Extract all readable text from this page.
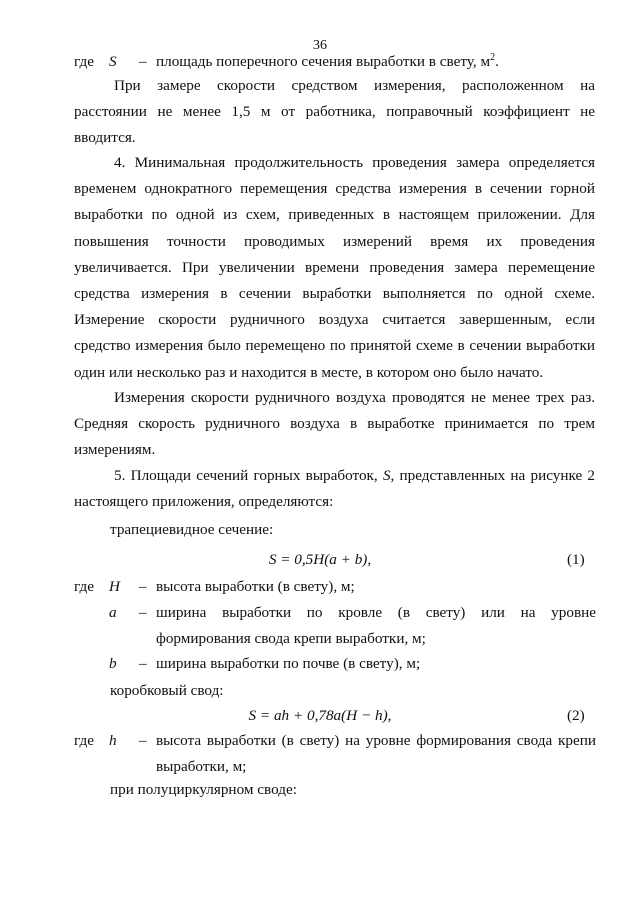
36
где S – площадь поперечного сечения выработки в свету, $м^2$.

При замере скорости средством измерения, расположенном на расстоянии не менее 1,5 м от работника, поправочный коэффициент не вводится.

4. Минимальная продолжительность проведения замера определяется временем однократного перемещения средства измерения в сечении горной выработки по одной из схем, приведенных в настоящем приложении. Для повышения точности проводимых измерений время их проведения увеличивается. При увеличении времени проведения замера перемещение средства измерения в сечении выработки выполняется по одной схеме. Измерение скорости рудничного воздуха считается завершенным, если средство измерения было перемещено по принятой схеме в сечении выработки один или несколько раз и находится в месте, в котором оно было начато.

Измерения скорости рудничного воздуха проводятся не менее трех раз. Средняя скорость рудничного воздуха в выработке принимается по трем измерениям.

5. Площади сечений горных выработок, S, представленных на рисунке 2 настоящего приложения, определяются:

трапециевидное сечение:

S = 0,5H(a + b),	(1)
где H – высота выработки (в свету), м;
a – ширина выработки по кровле (в свету) или на уровне
формирования свода крепи выработки, м;
b – ширина выработки по почве (в свету), м;

коробковый свод:

S = ah + 0,78a(H − h),	(2)
где h – высота выработки (в свету) на уровне формирования свода крепи
выработки, м;

при полуциркулярном своде:
